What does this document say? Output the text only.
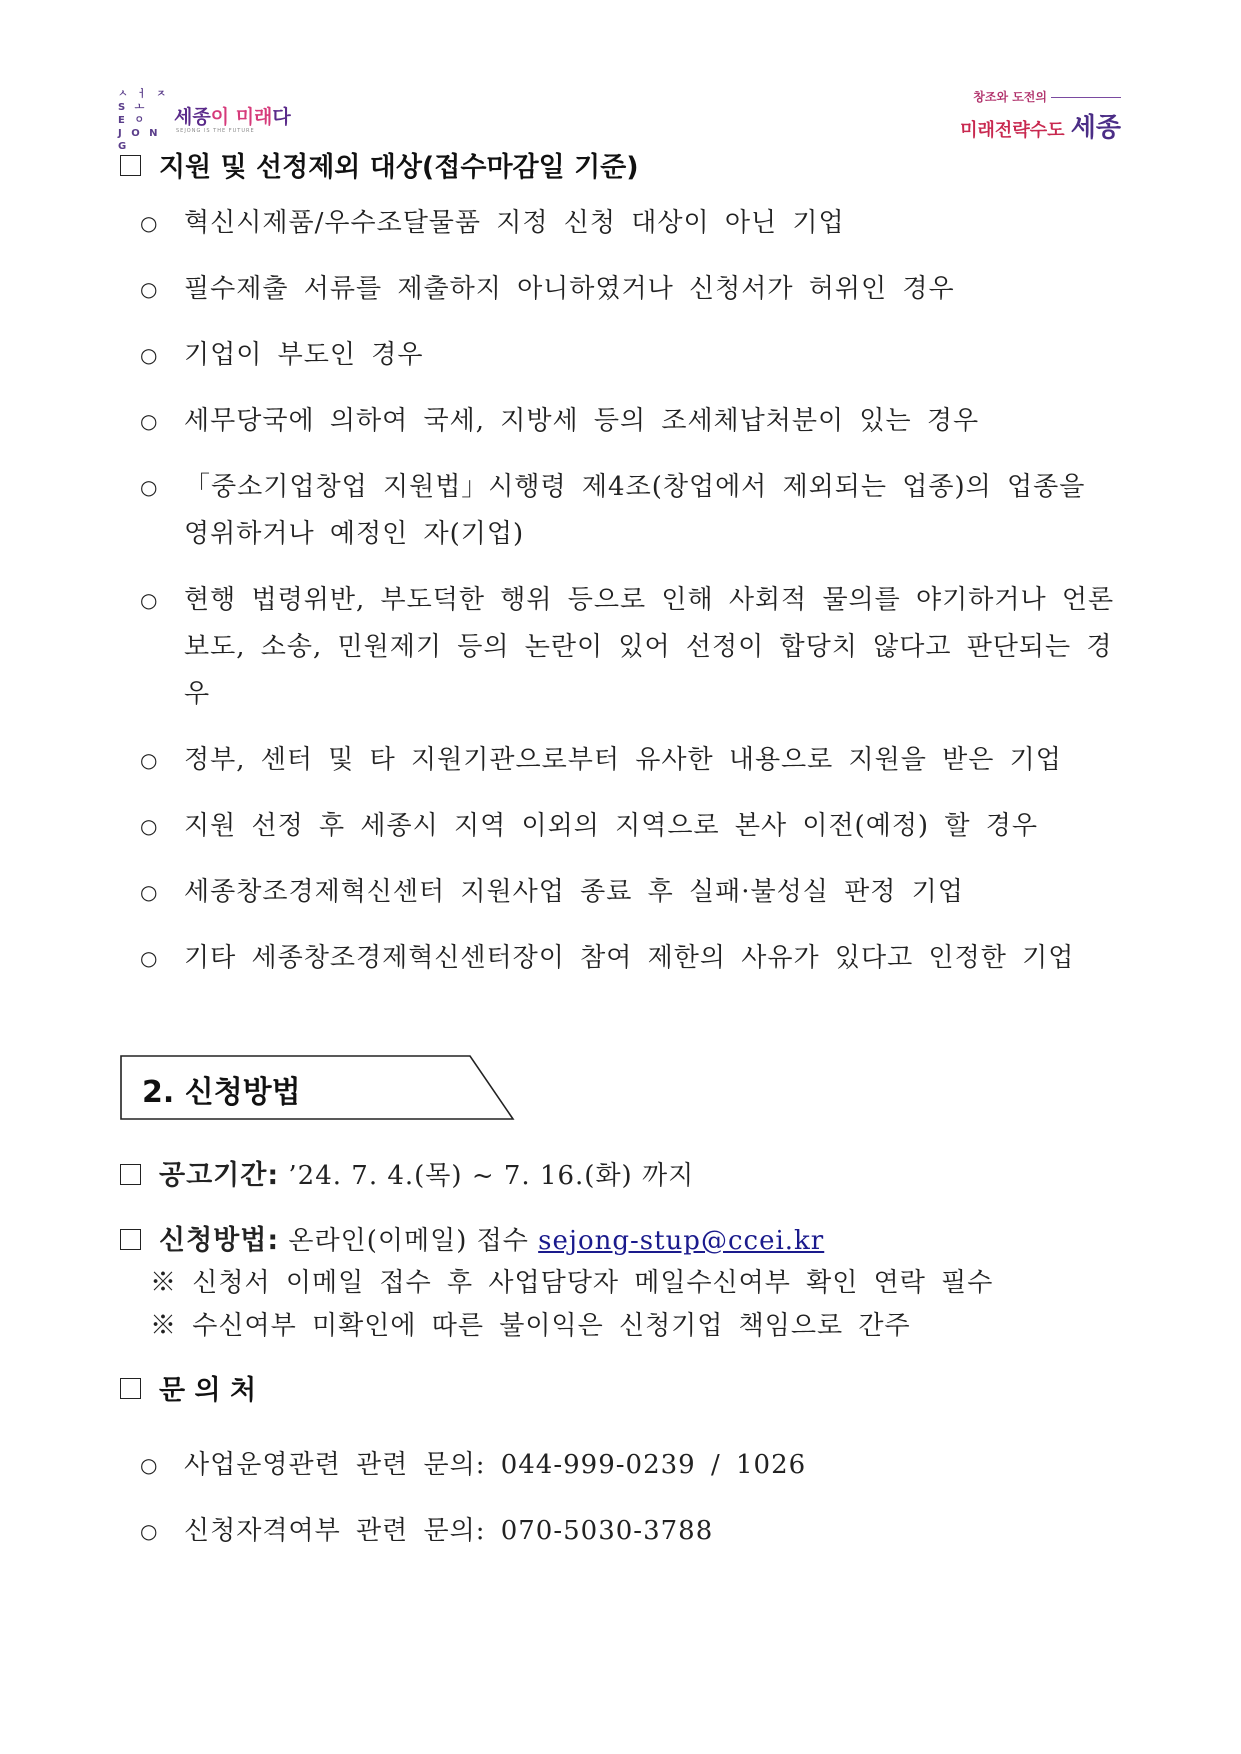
ㅅ ㅓ ㅈ
S ㅗ
E ㅇ
J O N G
세종이 미래다
SEJONG IS THE FUTURE
창조와 도전의
미래전략수도 세종
지원 및 선정제외 대상(접수마감일 기준)
○ 혁신시제품/우수조달물품 지정 신청 대상이 아닌 기업
○ 필수제출 서류를 제출하지 아니하였거나 신청서가 허위인 경우
○ 기업이 부도인 경우
○ 세무당국에 의하여 국세, 지방세 등의 조세체납처분이 있는 경우
○ 「중소기업창업 지원법」시행령 제4조(창업에서 제외되는 업종)의 업종을 영위하거나 예정인 자(기업)
○ 현행 법령위반, 부도덕한 행위 등으로 인해 사회적 물의를 야기하거나 언론보도, 소송, 민원제기 등의 논란이 있어 선정이 합당치 않다고 판단되는 경우
○ 정부, 센터 및 타 지원기관으로부터 유사한 내용으로 지원을 받은 기업
○ 지원 선정 후 세종시 지역 이외의 지역으로 본사 이전(예정) 할 경우
○ 세종창조경제혁신센터 지원사업 종료 후 실패·불성실 판정 기업
○ 기타 세종창조경제혁신센터장이 참여 제한의 사유가 있다고 인정한 기업
2. 신청방법
공고기간: ’24. 7. 4.(목) ~ 7. 16.(화) 까지
신청방법: 온라인(이메일) 접수 sejong-stup@ccei.kr
※ 신청서 이메일 접수 후 사업담당자 메일수신여부 확인 연락 필수
※ 수신여부 미확인에 따른 불이익은 신청기업 책임으로 간주
문 의 처
○ 사업운영관련 관련 문의: 044-999-0239 / 1026
○ 신청자격여부 관련 문의: 070-5030-3788
